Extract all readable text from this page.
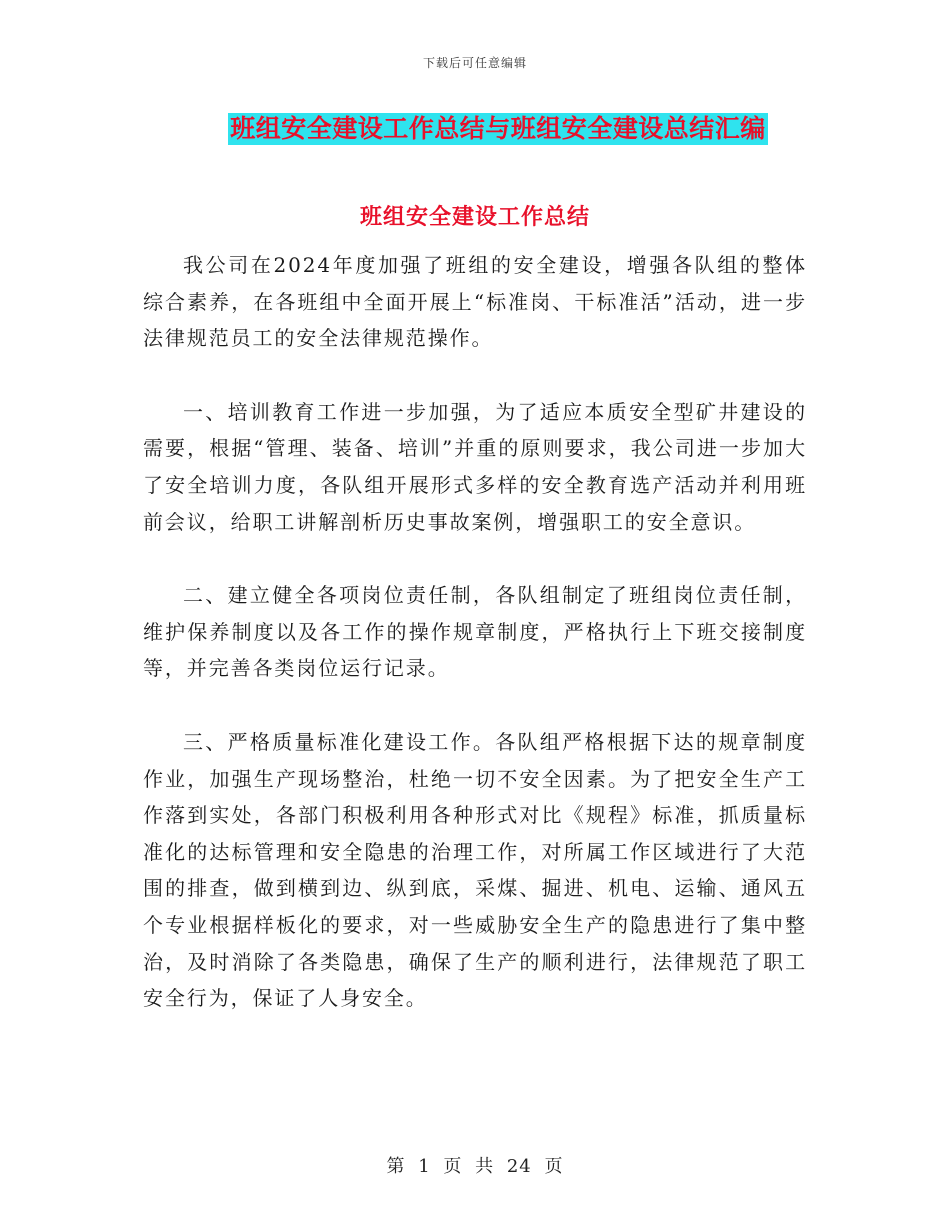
下载后可任意编辑
班组安全建设工作总结与班组安全建设总结汇编
班组安全建设工作总结

我公司在2024年度加强了班组的安全建设，增强各队组的整体综合素养，在各班组中全面开展上“标准岗、干标准活”活动，进一步法律规范员工的安全法律规范操作。

一、培训教育工作进一步加强，为了适应本质安全型矿井建设的需要，根据“管理、装备、培训”并重的原则要求，我公司进一步加大了安全培训力度，各队组开展形式多样的安全教育选产活动并利用班前会议，给职工讲解剖析历史事故案例，增强职工的安全意识。

二、建立健全各项岗位责任制，各队组制定了班组岗位责任制，维护保养制度以及各工作的操作规章制度，严格执行上下班交接制度等，并完善各类岗位运行记录。

三、严格质量标准化建设工作。各队组严格根据下达的规章制度作业，加强生产现场整治，杜绝一切不安全因素。为了把安全生产工作落到实处，各部门积极利用各种形式对比《规程》标准，抓质量标准化的达标管理和安全隐患的治理工作，对所属工作区域进行了大范围的排查，做到横到边、纵到底，采煤、掘进、机电、运输、通风五个专业根据样板化的要求，对一些威胁安全生产的隐患进行了集中整治，及时消除了各类隐患，确保了生产的顺利进行，法律规范了职工安全行为，保证了人身安全。

第 1 页 共 24 页
